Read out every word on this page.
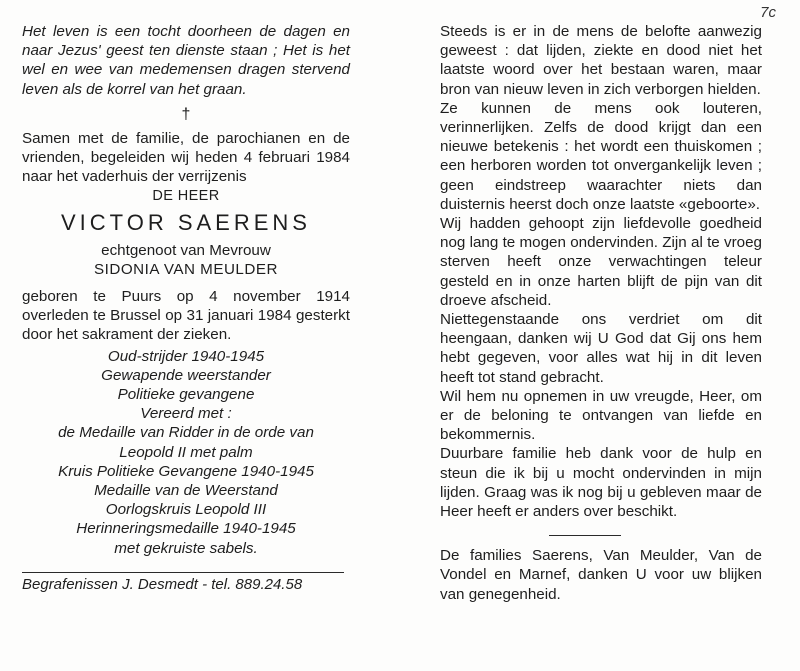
7c
Het leven is een tocht doorheen de dagen en naar Jezus' geest ten dienste staan ; Het is het wel en wee van medemensen dragen stervend leven als de korrel van het graan.
†
Samen met de familie, de parochianen en de vrienden, begeleiden wij heden 4 februari 1984 naar het vaderhuis der verrijzenis
DE HEER
VICTOR SAERENS
echtgenoot van Mevrouw
SIDONIA VAN MEULDER
geboren te Puurs op 4 november 1914 overleden te Brussel op 31 januari 1984 gesterkt door het sakrament der zieken.
Oud-strijder 1940-1945
Gewapende weerstander
Politieke gevangene
Vereerd met :
de Medaille van Ridder in de orde van
Leopold II met palm
Kruis Politieke Gevangene 1940-1945
Medaille van de Weerstand
Oorlogskruis Leopold III
Herinneringsmedaille 1940-1945
met gekruiste sabels.
Begrafenissen J. Desmedt - tel. 889.24.58
Steeds is er in de mens de belofte aanwezig geweest : dat lijden, ziekte en dood niet het laatste woord over het bestaan waren, maar bron van nieuw leven in zich verborgen hielden.
Ze kunnen de mens ook louteren, verinnerlijken. Zelfs de dood krijgt dan een nieuwe betekenis : het wordt een thuiskomen ; een herboren worden tot onvergankelijk leven ; geen eindstreep waarachter niets dan duisternis heerst doch onze laatste «geboorte».
Wij hadden gehoopt zijn liefdevolle goedheid nog lang te mogen ondervinden. Zijn al te vroeg sterven heeft onze verwachtingen teleur gesteld en in onze harten blijft de pijn van dit droeve afscheid.
Niettegenstaande ons verdriet om dit heengaan, danken wij U God dat Gij ons hem hebt gegeven, voor alles wat hij in dit leven heeft tot stand gebracht.
Wil hem nu opnemen in uw vreugde, Heer, om er de beloning te ontvangen van liefde en bekommernis.
Duurbare familie heb dank voor de hulp en steun die ik bij u mocht ondervinden in mijn lijden. Graag was ik nog bij u gebleven maar de Heer heeft er anders over beschikt.
De families Saerens, Van Meulder, Van de Vondel en Marnef, danken U voor uw blijken van genegenheid.
